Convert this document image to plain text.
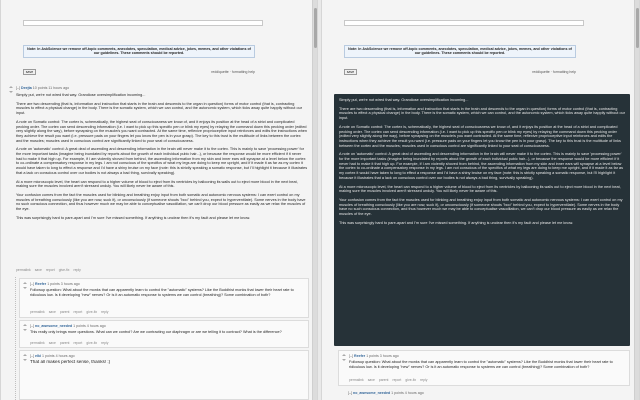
Note: In AskScience we remove off-topic comments, anecdotes, speculation, medical advice, jokes, memes, and other violations of our guidelines. These comments should be reported.
save	reddiquette · formatting help
[–] Deejta 10 points 11 hours ago

Simply put, we're not wired that way. Grandiose oversimplification incoming...

There are two descending (that is, information and instruction that starts in the brain and descends to the organ in question) forms of motor control (that is, contracting muscles to effect a physical change) in the body. There is the somatic system, which we can control, and the autonomic system, which ticks away quite happily without our input.

A note on Somatic control: The cortex is, schematically, the highest seat of consciousness we know of, and it enjoys its position at the head of a strict and complicated pecking order. The cortex can send descending information (i.e. I want to pick up this specific pen or blink my eyes) by relaying the command down this pecking order (edited very slightly along the way), before synapsing on the muscle/s you want contracted. At the same time, reflexive proprioceptive input reinforces and edits the instructions when they achieve the result you want (i.e. pressure pads on your fingers let you know the pen is in your grasp). The key to this trust is the multitude of links between the cortex and the muscles; muscles used in conscious control are significantly linked to your seat of consciousness.

A note on 'automatic' control: A great deal of ascending and descending information in the brain will never make it to the cortex. This is mainly to save 'processing power' for the more important tasks (imagine being inundated by reports about the growth of each individual pubic hair...), or because the response would be more efficient if it never had to make it that high up. For example, if I am violently shoved from behind, the ascending information from my skin and inner ears will synapse at a level below the cortex to co-ordinate a compensatory response in my legs. I am not conscious of the specifics of what my legs are doing to keep me upright, and if it made it as far as my cortex it would have taken to long to effect a response and I'd have a shiny bruise on my face (note: this is strictly speaking a somatic response, but I'll highlight it because it illustrates that a lack on conscious control over our bodies is not always a bad thing, survivally speaking).

At a more microscopic level, the heart can respond to a higher volume of blood to eject from its ventricles by ballooning its walls out to eject more blood in the next beat, making sure the muscles involved aren't stressed unduly. You will likely never be aware of this.

Your confusion comes from the fact the muscles used for blinking and breathing enjoy input from both somatic and autonomic nervous systems: I can exert control on my muscles of breathing consciously (like you are now, suck it), or unconsciously (if someone shouts "boo" behind you, expect to hyperventilate). Some nerves in the body have no such conscious connection, and thus however much we may be able to conceptualise vasodilation, we can't drop our blood pressure as easily as we relax the muscles of the eye.

This was surprisingly hard to pare-apart and I'm sure I've missed something. If anything is unclear then it's my fault and please let me know.

permalink save report give-fix reply
[–] Reefer 1 points 3 hours ago
Followup question: What about the monks that can apparently learn to control the "automatic" systems? Like the Buddhist monks that lower their heart rate to ridiculous low. Is it developing "new" nerves? Or is it an automatic response to systems we can control (breathing)? Some combination of both?
permalink save parent report give-fix reply
[–] no_awesome_needed 1 points 4 hours ago
This really only brings more questions. What can we control? Are we contracting our diaphragm or are we telling it to contract? What is the difference?
permalink save parent report give-fix reply
[–] elki 1 points 4 hours ago
That all makes perfect sense, thanks! :)
Note: In AskScience we remove off-topic comments, anecdotes, speculation, medical advice, jokes, memes, and other violations of our guidelines. These comments should be reported.
save	reddiquette · formatting help

Simply put, we're not wired that way. Grandiose oversimplification incoming...

There are two descending (that is, information and instruction that starts in the brain and descends to the organ in question) forms of motor control (that is, contracting muscles to effect a physical change) in the body. There is the somatic system, which we can control, and the autonomic system, which ticks away quite happily without our input.

A note on Somatic control: The cortex is, schematically, the highest seat of consciousness we know of, and it enjoys its position at the head of a strict and complicated pecking order. The cortex can send descending information (i.e. I want to pick up this specific pen or blink my eyes) by relaying the command down this pecking order (edited very slightly along the way), before synapsing on the muscle/s you want contracted. At the same time, reflexive proprioceptive input reinforces and edits the instructions when they achieve the result you want (i.e. pressure pads on your fingers let you know the pen is in your grasp). The key to this trust is the multitude of links between the cortex and the muscles; muscles used in conscious control are significantly linked to your seat of consciousness.

A note on 'automatic' control: A great deal of ascending and descending information in the brain will never make it to the cortex. This is mainly to save 'processing power' for the more important tasks (imagine being inundated by reports about the growth of each individual pubic hair...), or because the response would be more efficient if it never had to make it that high up. For example, if I am violently shoved from behind, the ascending information from my skin and inner ears will synapse at a level below the cortex to co-ordinate a compensatory response in my legs. I am not conscious of the specifics of what my legs are doing to keep me upright, and if it made it as far as my cortex it would have taken to long to effect a response and I'd have a shiny bruise on my face (note: this is strictly speaking a somatic response, but I'll highlight it because it illustrates that a lack on conscious control over our bodies is not always a bad thing, survivally speaking).

At a more microscopic level, the heart can respond to a higher volume of blood to eject from its ventricles by ballooning its walls out to eject more blood in the next beat, making sure the muscles involved aren't stressed unduly. You will likely never be aware of this.

Your confusion comes from the fact the muscles used for blinking and breathing enjoy input from both somatic and autonomic nervous systems: I can exert control on my muscles of breathing consciously (like you are now, suck it), or unconsciously (if someone shouts "boo" behind you, expect to hyperventilate). Some nerves in the body have no such conscious connection, and thus however much we may be able to conceptualise vasodilation, we can't drop our blood pressure as easily as we relax the muscles of the eye.

This was surprisingly hard to pare-apart and I'm sure I've missed something. If anything is unclear then it's my fault and please let me know.

[–] Reefer 1 points 3 hours ago
Followup question: What about the monks that can apparently learn to control the "automatic" systems? Like the Buddhist monks that lower their heart rate to ridiculous low. Is it developing "new" nerves? Or is it an automatic response to systems we can control (breathing)? Some combination of both?
permalink save parent report give-fix reply
[–] no_awesome_needed 1 points 4 hours ago
